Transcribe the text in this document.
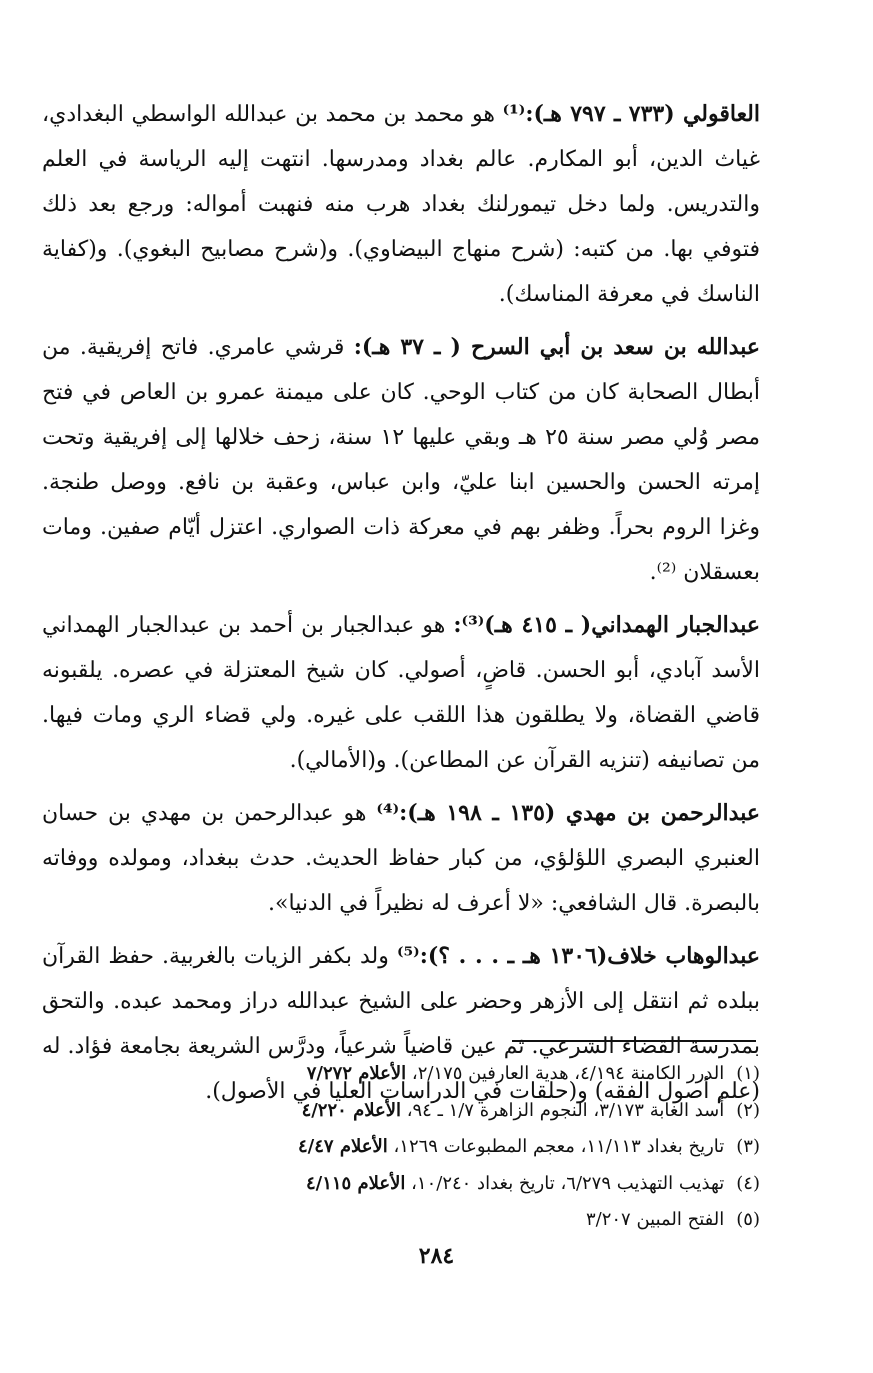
العاقولي (٧٣٣ ـ ٧٩٧ هـ):⁽¹⁾ هو محمد بن محمد بن عبدالله الواسطي البغدادي، غياث الدين، أبو المكارم. عالم بغداد ومدرسها. انتهت إليه الرياسة في العلم والتدريس. ولما دخل تيمورلنك بغداد هرب منه فنهبت أمواله: ورجع بعد ذلك فتوفي بها. من كتبه: (شرح منهاج البيضاوي). و(شرح مصابيح البغوي). و(كفاية الناسك في معرفة المناسك).

عبدالله بن سعد بن أبي السرح ( ـ ٣٧ هـ): قرشي عامري. فاتح إفريقية. من أبطال الصحابة كان من كتاب الوحي. كان على ميمنة عمرو بن العاص في فتح مصر وُلي مصر سنة ٢٥ هـ وبقي عليها ١٢ سنة، زحف خلالها إلى إفريقية وتحت إمرته الحسن والحسين ابنا عليّ، وابن عباس، وعقبة بن نافع. ووصل طنجة. وغزا الروم بحراً. وظفر بهم في معركة ذات الصواري. اعتزل أيّام صفين. ومات بعسقلان ⁽²⁾.

عبدالجبار الهمداني( ـ ٤١٥ هـ)⁽³⁾: هو عبدالجبار بن أحمد بن عبدالجبار الهمداني الأسد آبادي، أبو الحسن. قاضٍ، أصولي. كان شيخ المعتزلة في عصره. يلقبونه قاضي القضاة، ولا يطلقون هذا اللقب على غيره. ولي قضاء الري ومات فيها. من تصانيفه (تنزيه القرآن عن المطاعن). و(الأمالي).

عبدالرحمن بن مهدي (١٣٥ ـ ١٩٨ هـ):⁽⁴⁾ هو عبدالرحمن بن مهدي بن حسان العنبري البصري اللؤلؤي، من كبار حفاظ الحديث. حدث ببغداد، ومولده ووفاته بالبصرة. قال الشافعي: «لا أعرف له نظيراً في الدنيا».

عبدالوهاب خلاف(١٣٠٦ هـ ـ . . . ؟):⁽⁵⁾ ولد بكفر الزيات بالغربية. حفظ القرآن ببلده ثم انتقل إلى الأزهر وحضر على الشيخ عبدالله دراز ومحمد عبده. والتحق بمدرسة القضاء الشرعي. ثم عين قاضياً شرعياً، ودرَّس الشريعة بجامعة فؤاد. له (علم أصول الفقه) و(حلقات في الدراسات العليا في الأصول).

(١) الدرر الكامنة ٤/١٩٤، هدية العارفين ٢/١٧٥، الأعلام ٧/٢٧٢
(٢) أسد الغابة ٣/١٧٣، النجوم الزاهرة ١/٧ ـ ٩٤، الأعلام ٤/٢٢٠
(٣) تاريخ بغداد ١١/١١٣، معجم المطبوعات ١٢٦٩، الأعلام ٤/٤٧
(٤) تهذيب التهذيب ٦/٢٧٩، تاريخ بغداد ١٠/٢٤٠، الأعلام ٤/١١٥
(٥) الفتح المبين ٣/٢٠٧
٢٨٤
